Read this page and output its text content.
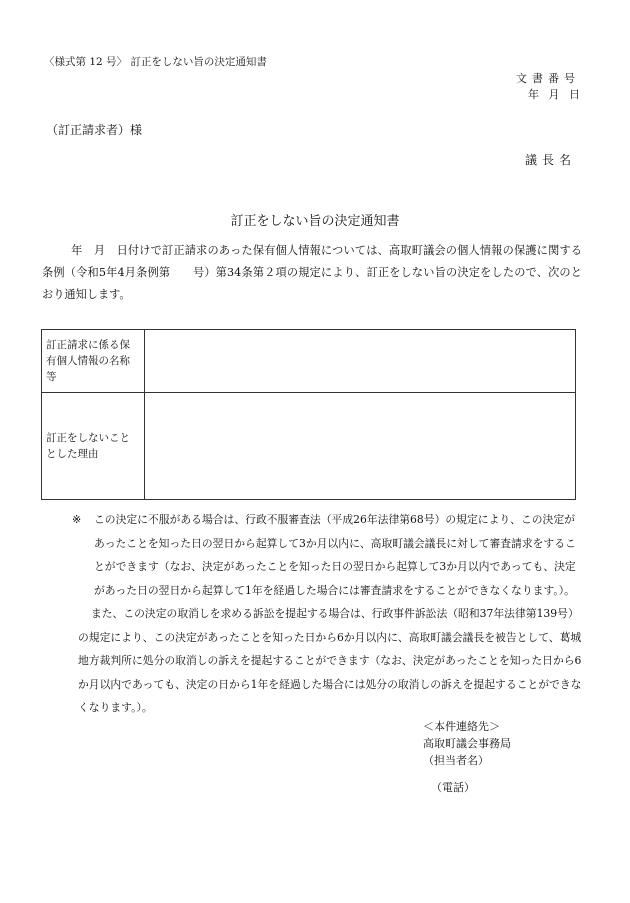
〈様式第 12 号〉 訂正をしない旨の決定通知書
文書番号
年 月 日
（訂正請求者）様
議長名
訂正をしない旨の決定通知書
年　月　日付けで訂正請求のあった保有個人情報については、高取町議会の個人情報の保護に関する条例（令和5年4月条例第　　号）第34条第２項の規定により、訂正をしない旨の決定をしたので、次のとおり通知します。
訂正請求に係る保有個人情報の名称等	
訂正をしないこととした理由	
※ この決定に不服がある場合は、行政不服審査法（平成26年法律第68号）の規定により、この決定があったことを知った日の翌日から起算して3か月以内に、高取町議会議長に対して審査請求をすることができます（なお、決定があったことを知った日の翌日から起算して3か月以内であっても、決定があった日の翌日から起算して1年を経過した場合には審査請求をすることができなくなります。）。
また、この決定の取消しを求める訴訟を提起する場合は、行政事件訴訟法（昭和37年法律第139号）の規定により、この決定があったことを知った日から6か月以内に、高取町議会議長を被告として、葛城地方裁判所に処分の取消しの訴えを提起することができます（なお、決定があったことを知った日から6か月以内であっても、決定の日から1年を経過した場合には処分の取消しの訴えを提起することができなくなります。）。
＜本件連絡先＞
高取町議会事務局
（担当者名）
（電話）
